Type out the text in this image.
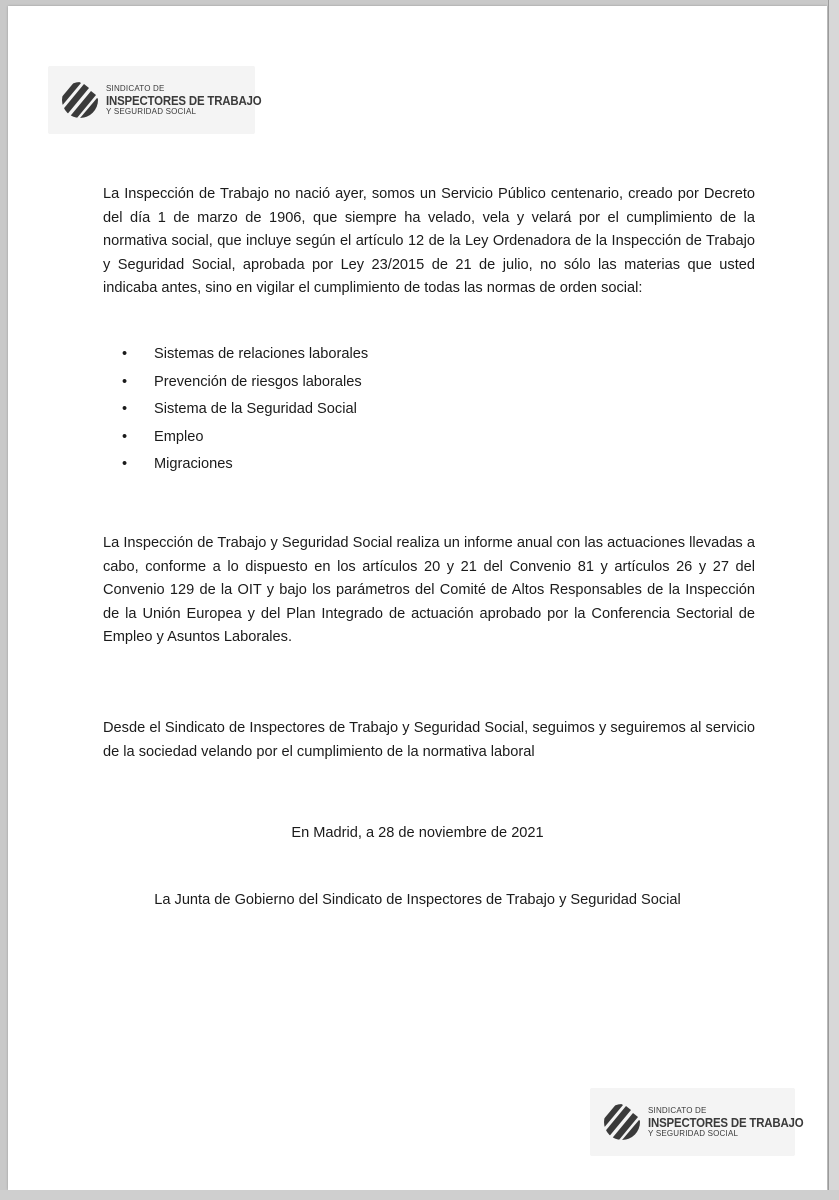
SINDICATO DE
INSPECTORES DE TRABAJO
Y SEGURIDAD SOCIAL

La Inspección de Trabajo no nació ayer, somos un Servicio Público centenario, creado por Decreto del día 1 de marzo de 1906, que siempre ha velado, vela y velará por el cumplimiento de la normativa social, que incluye según el artículo 12 de la Ley Ordenadora de la Inspección de Trabajo y Seguridad Social, aprobada por Ley 23/2015 de 21 de julio, no sólo las materias que usted indicaba antes, sino en vigilar el cumplimiento de todas las normas de orden social:

•	Sistemas de relaciones laborales
•	Prevención de riesgos laborales
•	Sistema de la Seguridad Social
•	Empleo
•	Migraciones

La Inspección de Trabajo y Seguridad Social realiza un informe anual con las actuaciones llevadas a cabo, conforme a lo dispuesto en los artículos 20 y 21 del Convenio 81 y artículos 26 y 27 del Convenio 129 de la OIT y bajo los parámetros del Comité de Altos Responsables de la Inspección de la Unión Europea y del Plan Integrado de actuación aprobado por la Conferencia Sectorial de Empleo y Asuntos Laborales.

Desde el Sindicato de Inspectores de Trabajo y Seguridad Social, seguimos y seguiremos al servicio de la sociedad velando por el cumplimiento de la normativa laboral

En Madrid, a 28 de noviembre de 2021

La Junta de Gobierno del Sindicato de Inspectores de Trabajo y Seguridad Social

SINDICATO DE
INSPECTORES DE TRABAJO
Y SEGURIDAD SOCIAL
